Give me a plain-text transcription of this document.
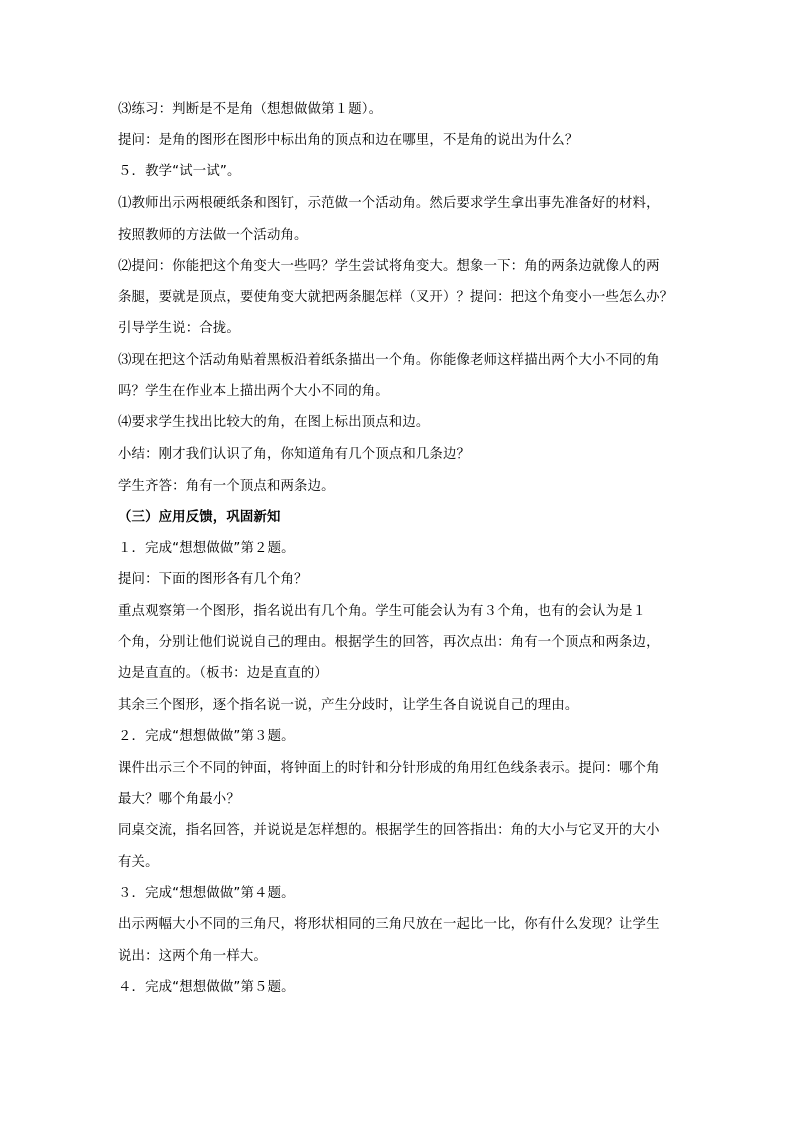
⑶练习：判断是不是角（想想做做第１题）。
提问：是角的图形在图形中标出角的顶点和边在哪里，不是角的说出为什么？
５．教学“试一试”。
⑴教师出示两根硬纸条和图钉，示范做一个活动角。然后要求学生拿出事先准备好的材料，
按照教师的方法做一个活动角。
⑵提问：你能把这个角变大一些吗？学生尝试将角变大。想象一下：角的两条边就像人的两
条腿，要就是顶点，要使角变大就把两条腿怎样（叉开）？提问：把这个角变小一些怎么办？
引导学生说：合拢。
⑶现在把这个活动角贴着黑板沿着纸条描出一个角。你能像老师这样描出两个大小不同的角
吗？学生在作业本上描出两个大小不同的角。
⑷要求学生找出比较大的角，在图上标出顶点和边。
小结：刚才我们认识了角，你知道角有几个顶点和几条边？
学生齐答：角有一个顶点和两条边。
（三）应用反馈，巩固新知
１．完成“想想做做”第２题。
提问：下面的图形各有几个角？
重点观察第一个图形，指名说出有几个角。学生可能会认为有３个角，也有的会认为是１
个角，分别让他们说说自己的理由。根据学生的回答，再次点出：角有一个顶点和两条边，
边是直直的。（板书：边是直直的）
其余三个图形，逐个指名说一说，产生分歧时，让学生各自说说自己的理由。
２．完成“想想做做”第３题。
课件出示三个不同的钟面，将钟面上的时针和分针形成的角用红色线条表示。提问：哪个角
最大？哪个角最小？
同桌交流，指名回答，并说说是怎样想的。根据学生的回答指出：角的大小与它叉开的大小
有关。
３．完成“想想做做”第４题。
出示两幅大小不同的三角尺，将形状相同的三角尺放在一起比一比，你有什么发现？让学生
说出：这两个角一样大。
４．完成“想想做做”第５题。
